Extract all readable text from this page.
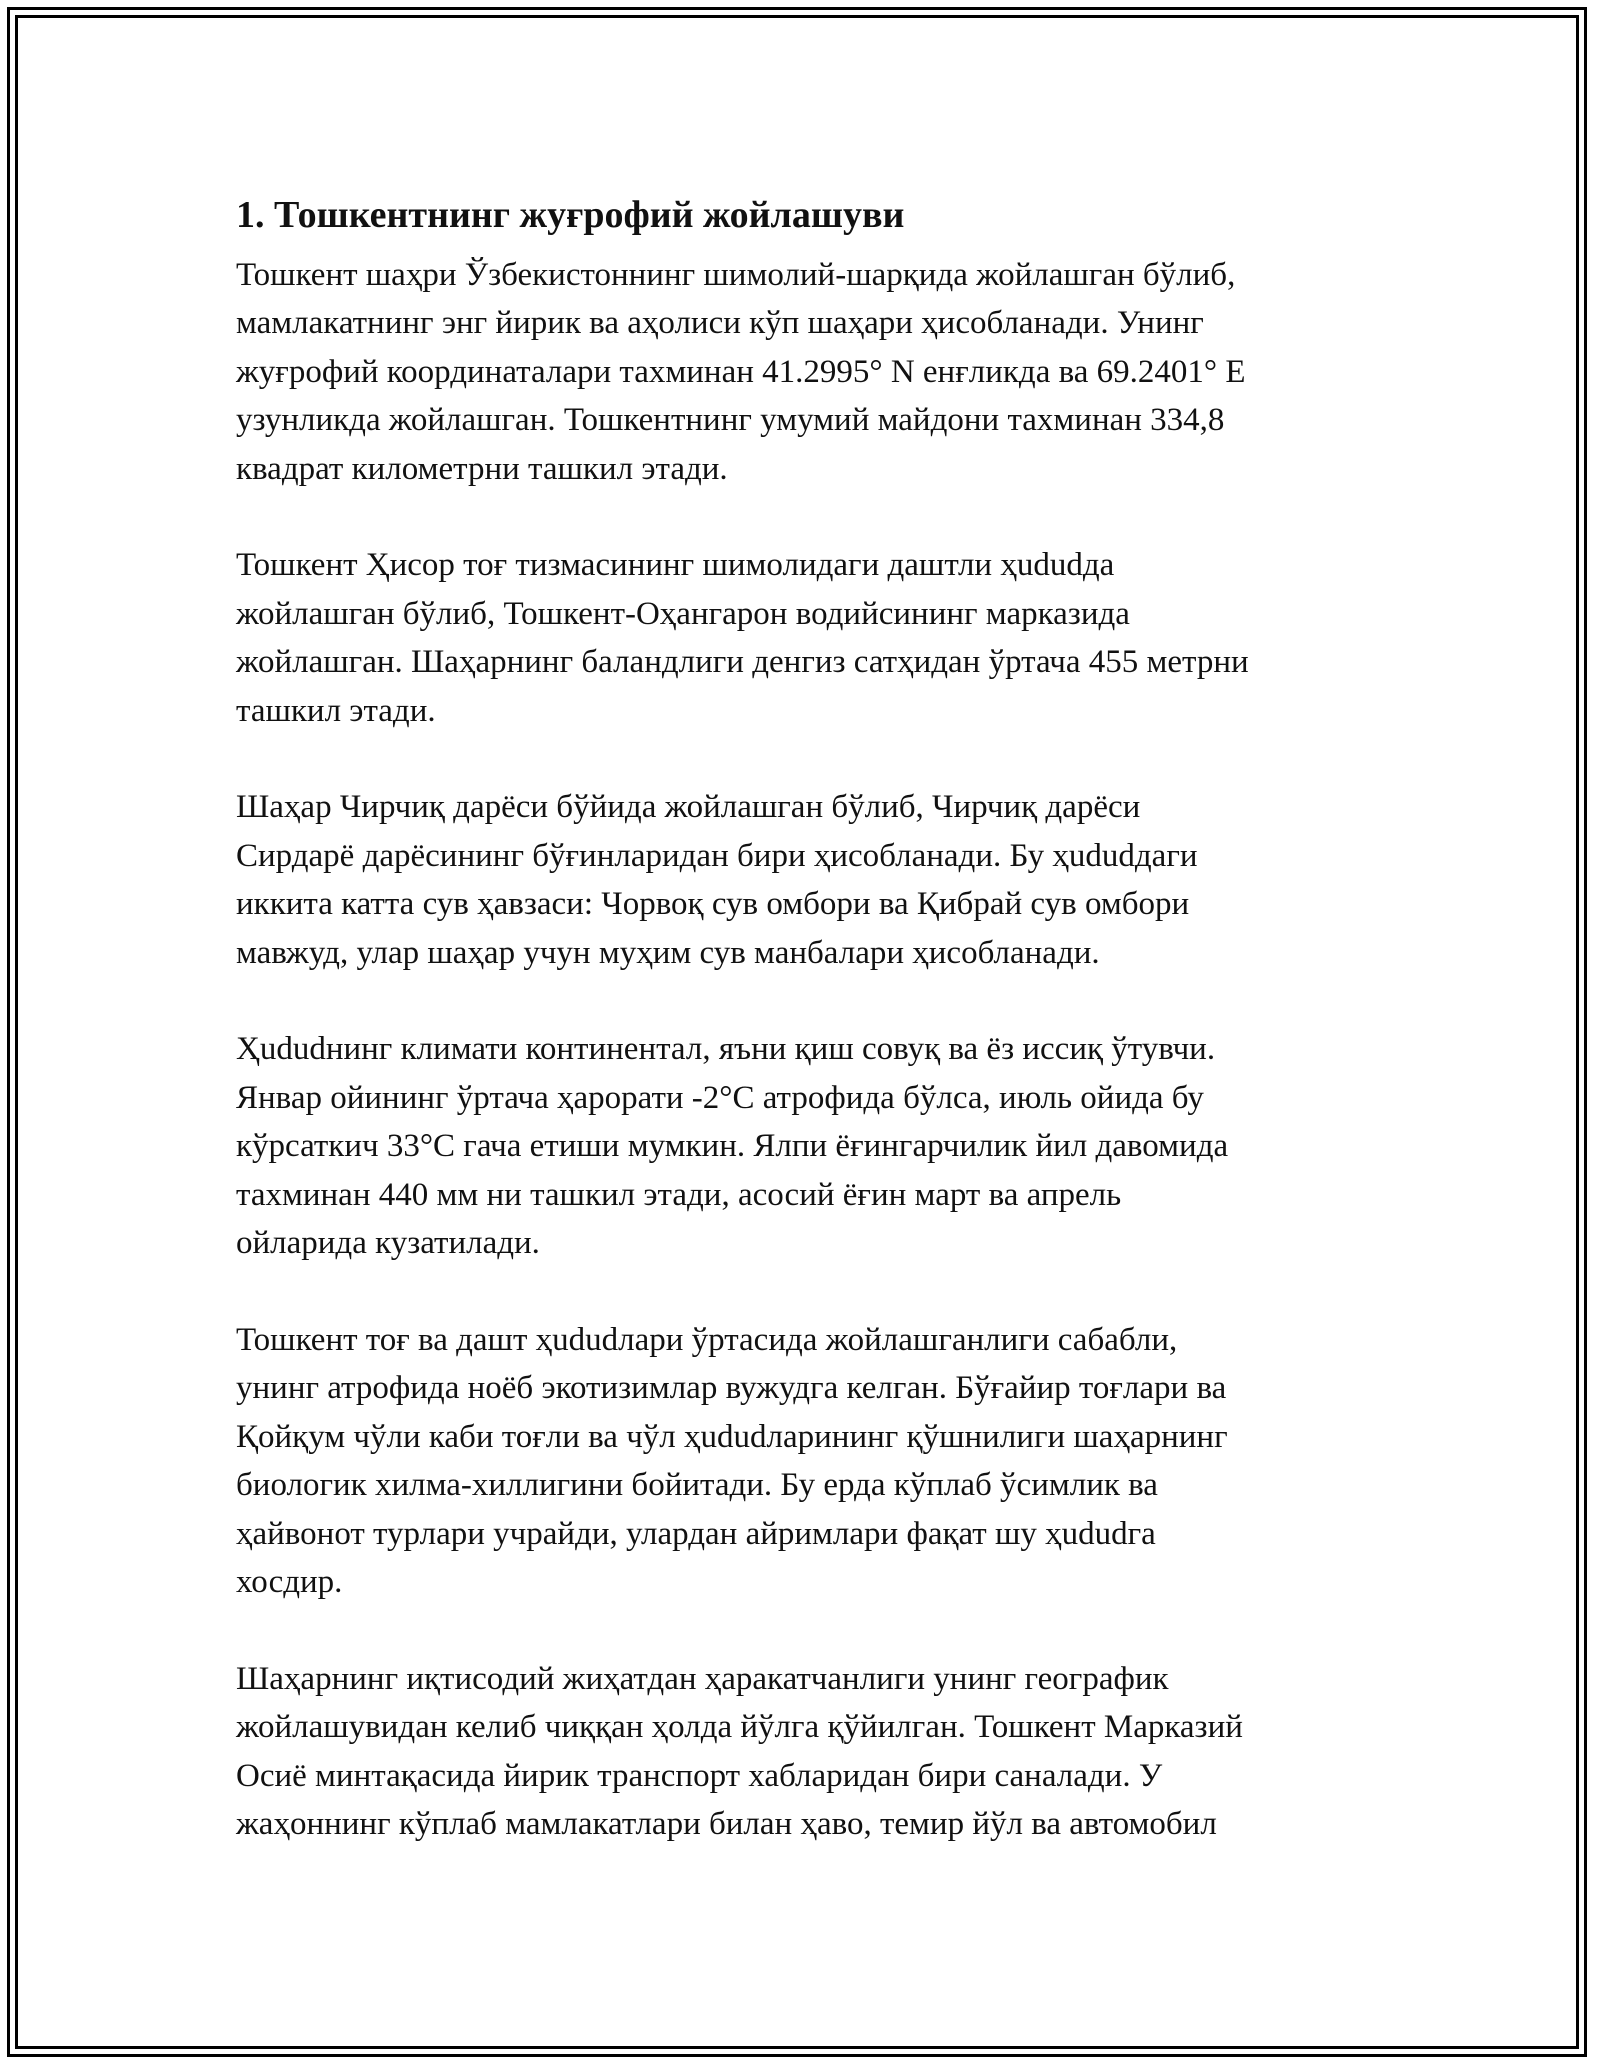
1. Тошкентнинг жуғрофий жойлашуви

Тошкент шаҳри Ўзбекистоннинг шимолий-шарқида жойлашган бўлиб,
мамлакатнинг энг йирик ва аҳолиси кўп шаҳари ҳисобланади. Унинг
жуғрофий координаталари тахминан 41.2995° N енғликда ва 69.2401° E
узунликда жойлашган. Тошкентнинг умумий майдони тахминан 334,8
квадрат километрни ташкил этади.

Тошкент Ҳисор тоғ тизмасининг шимолидаги даштли ҳududда
жойлашган бўлиб, Тошкент-Оҳангарон водийсининг марказида
жойлашган. Шаҳарнинг баландлиги денгиз сатҳидан ўртача 455 метрни
ташкил этади.

Шаҳар Чирчиқ дарёси бўйида жойлашган бўлиб, Чирчиқ дарёси
Сирдарё дарёсининг бўғинларидан бири ҳисобланади. Бу ҳududдаги
иккита катта сув ҳавзаси: Чорвоқ сув омбори ва Қибрай сув омбори
мавжуд, улар шаҳар учун муҳим сув манбалари ҳисобланади.

Ҳududнинг климати континентал, яъни қиш совуқ ва ёз иссиқ ўтувчи.
Январ ойининг ўртача ҳарорати -2°C атрофида бўлса, июль ойида бу
кўрсаткич 33°C гача етиши мумкин. Ялпи ёғингарчилик йил давомида
тахминан 440 мм ни ташкил этади, асосий ёғин март ва апрель
ойларида кузатилади.

Тошкент тоғ ва дашт ҳududлари ўртасида жойлашганлиги сабабли,
унинг атрофида ноёб экотизимлар вужудга келган. Бўғайир тоғлари ва
Қойқум чўли каби тоғли ва чўл ҳududларининг қўшнилиги шаҳарнинг
биологик хилма-хиллигини бойитади. Бу ерда кўплаб ўсимлик ва
ҳайвонот турлари учрайди, улардан айримлари фақат шу ҳududга
хосдир.

Шаҳарнинг иқтисодий жиҳатдан ҳаракатчанлиги унинг географик
жойлашувидан келиб чиққан ҳолда йўлга қўйилган. Тошкент Марказий
Осиё минтақасида йирик транспорт хабларидан бири саналади. У
жаҳоннинг кўплаб мамлакатлари билан ҳаво, темир йўл ва автомобил
